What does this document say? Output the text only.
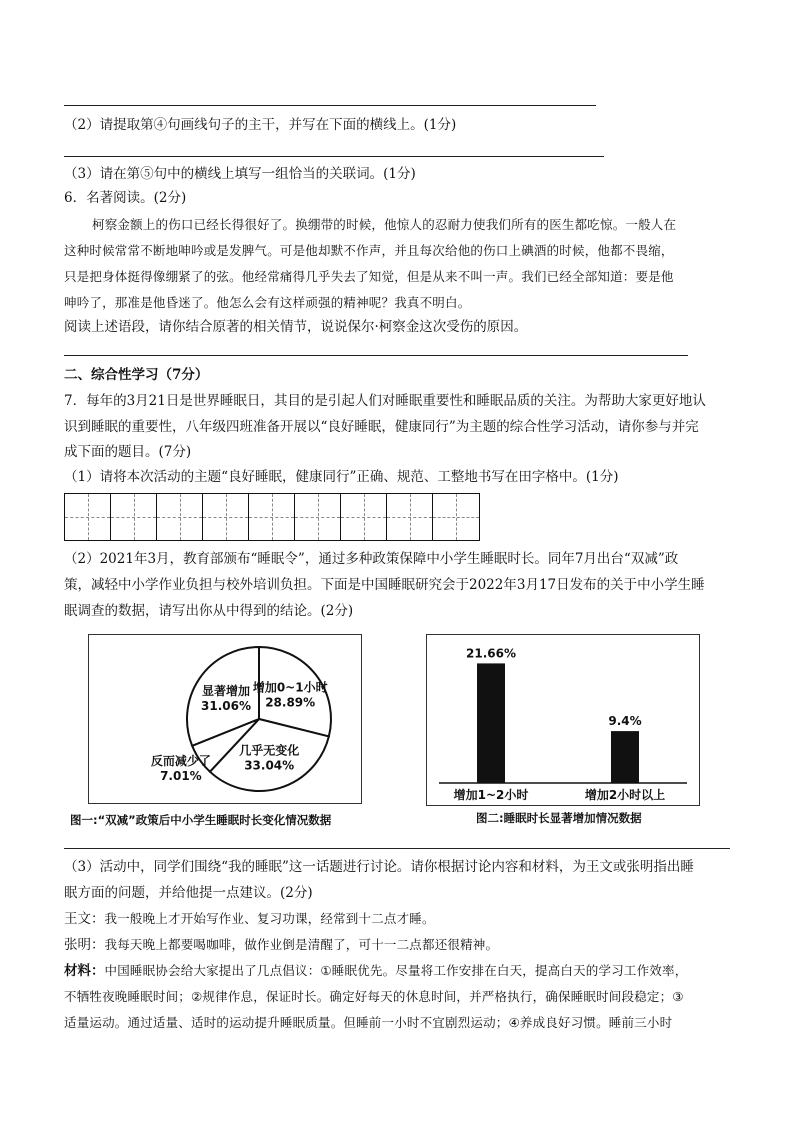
（2）请提取第④句画线句子的主干，并写在下面的横线上。(1分)
（3）请在第⑤句中的横线上填写一组恰当的关联词。(1分)
6．名著阅读。(2分)
柯察金额上的伤口已经长得很好了。换绷带的时候，他惊人的忍耐力使我们所有的医生都吃惊。一般人在
这种时候常常不断地呻吟或是发脾气。可是他却默不作声，并且每次给他的伤口上碘酒的时候，他都不畏缩，
只是把身体挺得像绷紧了的弦。他经常痛得几乎失去了知觉，但是从来不叫一声。我们已经全部知道：要是他
呻吟了，那准是他昏迷了。他怎么会有这样顽强的精神呢？我真不明白。
阅读上述语段，请你结合原著的相关情节，说说保尔·柯察金这次受伤的原因。
二、综合性学习（7分）
7．每年的3月21日是世界睡眠日，其目的是引起人们对睡眠重要性和睡眠品质的关注。为帮助大家更好地认
识到睡眠的重要性，八年级四班准备开展以“良好睡眠，健康同行”为主题的综合性学习活动，请你参与并完
成下面的题目。(7分)
（1）请将本次活动的主题“良好睡眠，健康同行”正确、规范、工整地书写在田字格中。(1分)
（2）2021年3月，教育部颁布“睡眠令”，通过多种政策保障中小学生睡眠时长。同年7月出台“双减”政
策，减轻中小学作业负担与校外培训负担。下面是中国睡眠研究会于2022年3月17日发布的关于中小学生睡
眠调查的数据，请写出你从中得到的结论。(2分)
增加0~1小时
28.89%
几乎无变化
33.04%
反而减少了
7.01%
显著增加
31.06%
图一:“双减”政策后中小学生睡眠时长变化情况数据
21.66%
增加1~2小时
9.4%
增加2小时以上
图二:睡眠时长显著增加情况数据
（3）活动中，同学们围绕“我的睡眠”这一话题进行讨论。请你根据讨论内容和材料，为王文或张明指出睡
眠方面的问题，并给他提一点建议。(2分)
王文：我一般晚上才开始写作业、复习功课，经常到十二点才睡。
张明：我每天晚上都要喝咖啡，做作业倒是清醒了，可十一二点都还很精神。
材料：中国睡眠协会给大家提出了几点倡议：①睡眠优先。尽量将工作安排在白天，提高白天的学习工作效率，
不牺牲夜晚睡眠时间；②规律作息，保证时长。确定好每天的休息时间，并严格执行，确保睡眠时间段稳定；③
适量运动。通过适量、适时的运动提升睡眠质量。但睡前一小时不宜剧烈运动；④养成良好习惯。睡前三小时
